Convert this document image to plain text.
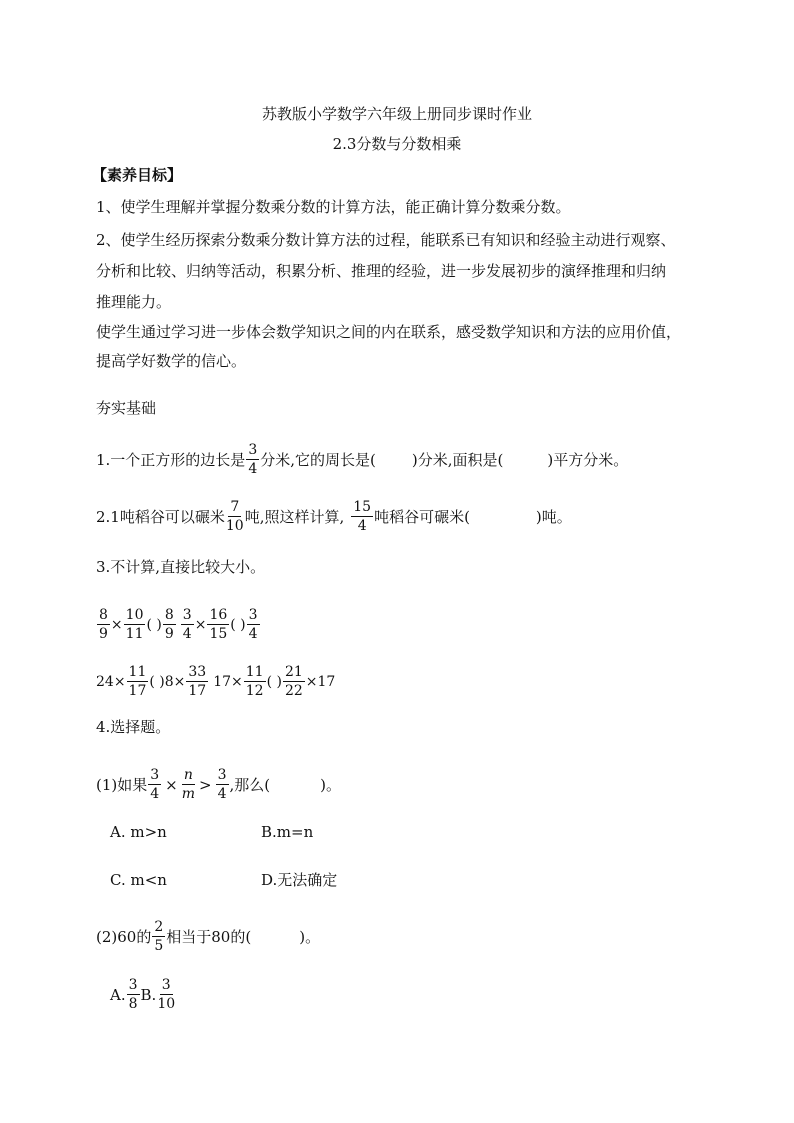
苏教版小学数学六年级上册同步课时作业
2.3分数与分数相乘
【素养目标】
1、使学生理解并掌握分数乘分数的计算方法，能正确计算分数乘分数。
2、使学生经历探索分数乘分数计算方法的过程，能联系已有知识和经验主动进行观察、
分析和比较、归纳等活动，积累分析、推理的经验，进一步发展初步的演绎推理和归纳
推理能力。
使学生通过学习进一步体会数学知识之间的内在联系，感受数学知识和方法的应用价值，
提高学好数学的信心。
夯实基础
1.一个正方形的边长是 $\frac{3}{4}$ 分米,它的周长是( )分米,面积是(	)平方分米。
2.1吨稻谷可以碾米 $\frac{7}{10}$ 吨,照这样计算, $\frac{15}{4}$ 吨稻谷可碾米(	)吨。
3.不计算,直接比较大小。
$\frac{8}{9} \times \frac{10}{11}$ ( ) $\frac{8}{9} \frac{3}{4} \times \frac{16}{15}$ ( ) $\frac{3}{4}$
$24\times \frac{11}{17}$ ( )$8\times \frac{33}{17} 17\times \frac{11}{12}$ ( ) $\frac{21}{22} \times 17$
4.选择题。
(1)如果 $\frac{3}{4} \times \frac{n}{m} > \frac{3}{4}$ ,那么(	)。
A. m>n	B.m=n
C. m<n	D.无法确定
(2)60的 $\frac{2}{5}$ 相当于80的(	)。
A. $\frac{3}{8} B$. $\frac{3}{10}$
